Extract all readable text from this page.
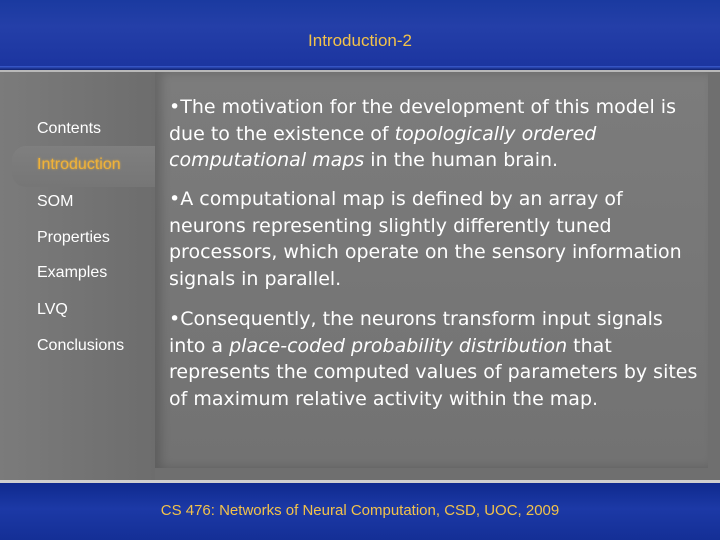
Introduction-2
Contents
Introduction
SOM
Properties
Examples
LVQ
Conclusions
•The motivation for the development of this model is due to the existence of topologically ordered computational maps in the human brain.
•A computational map is defined by an array of neurons representing slightly differently tuned processors, which operate on the sensory information signals in parallel.
•Consequently, the neurons transform input signals into a place-coded probability distribution that represents the computed values of parameters by sites of maximum relative activity within the map.
CS 476: Networks of Neural Computation, CSD, UOC, 2009
